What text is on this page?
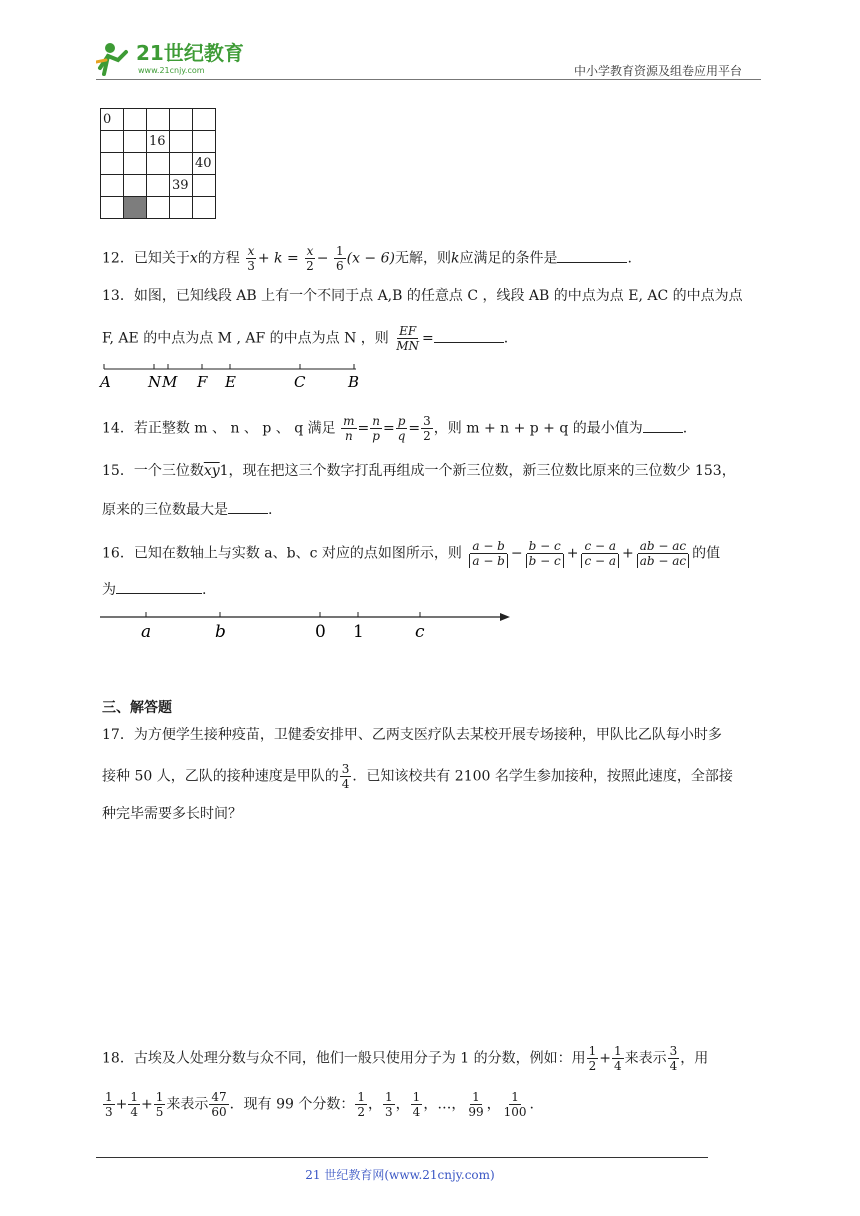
21世纪教育
www.21cnjy.com	中小学教育资源及组卷应用平台
0				
		16		
				40
			39	

12．已知关于x的方程 $\frac{x}{3} + k = \frac{x}{2} - \frac{1}{6} (x - 6)$无解，则k应满足的条件是	.
13．如图，已知线段 AB 上有一个不同于点 A,B 的任意点 C ，线段 AB 的中点为点 E, AC 的中点为点
F, AE 的中点为点 M , AF 的中点为点 N ，则 $\frac{EF}{MN}$ =	.
A N M F E	C	B
14．若正整数 m 、 n 、 p 、 q 满足 $\frac{m}{n} = \frac{n}{p} = \frac{p}{q} = \frac{3}{2}$ ，则 m + n + p + q 的最小值为	.
15．一个三位数$\overline{xy}1$，现在把这三个数字打乱再组成一个新三位数，新三位数比原来的三位数少 153，
原来的三位数最大是	.
16．已知在数轴上与实数 a、b、c 对应的点如图所示，则 $\frac{a - b}{a - b} - \frac{b - c}{b - c} + \frac{c - a}{c - a} + \frac{ab - ac}{ab - ac}$ 的值
为	.
a	b	0 1	c
三、解答题
17．为方便学生接种疫苗，卫健委安排甲、乙两支医疗队去某校开展专场接种，甲队比乙队每小时多
接种 50 人，乙队的接种速度是甲队的 $\frac{3}{4}$ ．已知该校共有 2100 名学生参加接种，按照此速度，全部接
种完毕需要多长时间？
18．古埃及人处理分数与众不同，他们一般只使用分子为 1 的分数，例如：用 $\frac{1}{2} + \frac{1}{4}$ 来表示 $\frac{3}{4}$ ，用
$\frac{1}{3} + \frac{1}{4} + \frac{1}{5}$ 来表示 $\frac{47}{60}$ ．现有 99 个分数： $\frac{1}{2}$ ， $\frac{1}{3}$ ， $\frac{1}{4}$ ，…， $\frac{1}{99}$ ， $\frac{1}{100}$ .
21 世纪教育网(www.21cnjy.com)
